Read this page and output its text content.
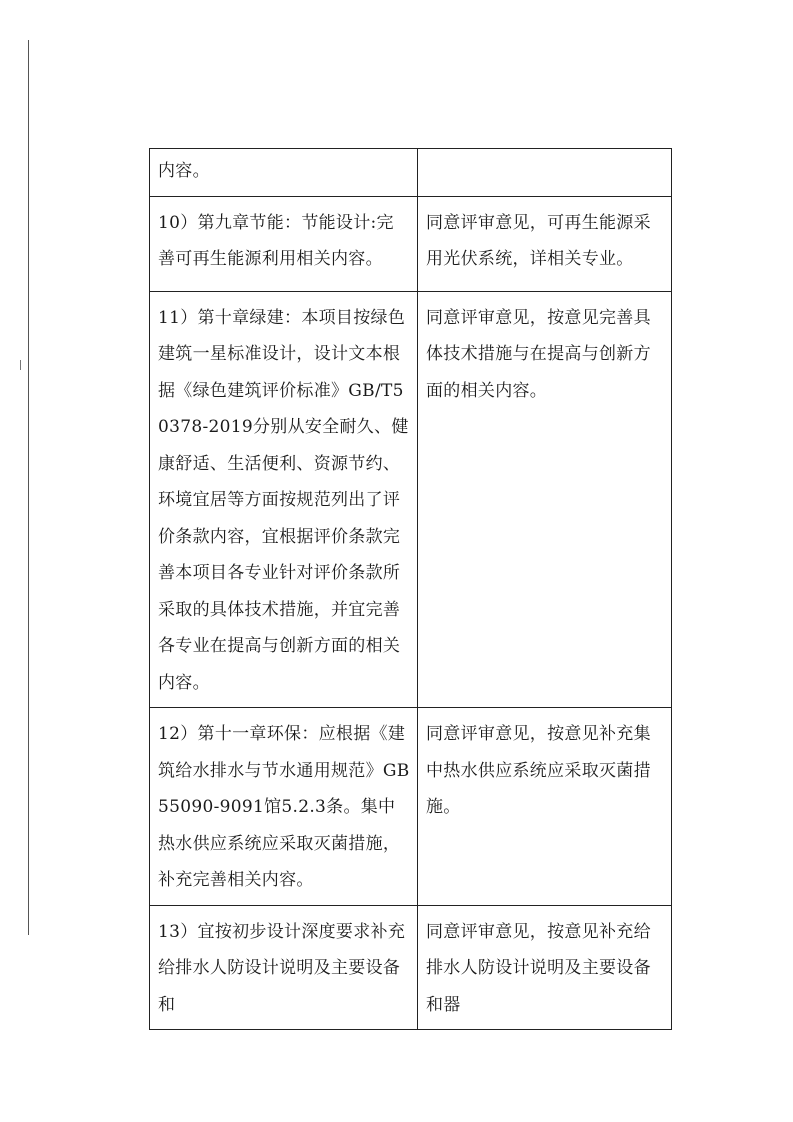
内容。	
10）第九章节能：节能设计:完善可再生能源利用相关内容。	同意评审意见，可再生能源采用光伏系统，详相关专业。
11）第十章绿建：本项目按绿色建筑一星标准设计，设计文本根据《绿色建筑评价标准》GB/T50378-2019分别从安全耐久、健康舒适、生活便利、资源节约、环境宜居等方面按规范列出了评价条款内容，宜根据评价条款完善本项目各专业针对评价条款所采取的具体技术措施，并宜完善各专业在提高与创新方面的相关内容。	同意评审意见，按意见完善具体技术措施与在提高与创新方面的相关内容。
12）第十一章环保：应根据《建筑给水排水与节水通用规范》GB55090-9091馆5.2.3条。集中热水供应系统应采取灭菌措施，补充完善相关内容。	同意评审意见，按意见补充集中热水供应系统应采取灭菌措施。
13）宜按初步设计深度要求补充给排水人防设计说明及主要设备和	同意评审意见，按意见补充给排水人防设计说明及主要设备和器
